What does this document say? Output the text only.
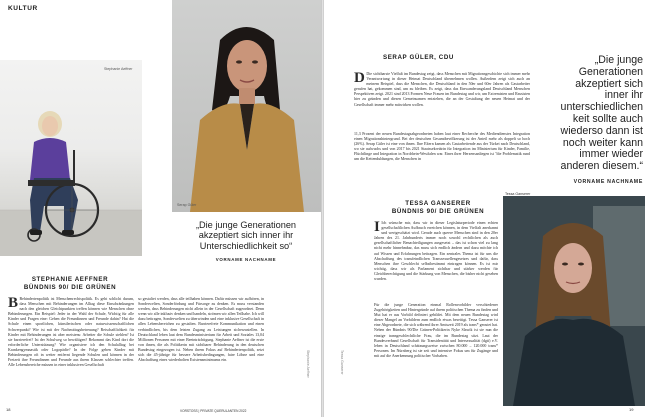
KULTUR
Stephanie Aeffner
Serap Güler
„Die junge Generationen akzeptiert sich inner ihr Unterschiedlichkeit so“
VORNAME NACHNAME
STEPHANIE AEFFNER
BÜNDNIS 90/ DIE GRÜNEN

B Behindertenpolitik ist Menschenrechtspolitik. Es geht schlicht darum, dass Menschen mit Behinderungen im Alltag diese Einschränkungen nach den gleichen Gleichtpunkten treffen können wie Menschen ohne Behinderungen. Ein Beispiel: Jeder in der Wahl der Schule, Wichtig für alle Kinder und Fragen eine: Gehen die Freundinnen und Freunde dahin? Hat die Schule einen sportlichen, künstlerischen oder naturwissenschaftlichen Schwerpunkt? Wie ist mit der Nachmittagsbetreuung? Reischaftlichkeit für Kinder mit Behinderungen ist aber meistens: Arbeiter die Schule stehlen? Ist sie barrierefrei? Ist der Schulweg so bewältigen? Bekommt das Kind dort die erforderliche Unterstützung? Wie organisiere ich den Schulalltag bei Krankengymnastik oder Logopädie? In der Folge geben Kinder mit Behinderungen oft in weiter entfernt liegende Schulen und können in der Freizeit ihre Freundinnen und Freunde aus ihrem Klassen schlechter treffen. Alle Lebensbereiche müssen in einer inklusiven Gesellschaft

so gestaltet werden, dass alle teilhaben können. Dafür müssen wir aufhören, in Sonderwelten, Sonderfördung und Fürsorge zu denken. Es muss verstanden werden, dass Behinderungen nicht allein in der Gesellschaft zugeordnet. Denn wenn wir alle inklusiv denken und handeln, strömen wir allen Teilhabe. Ich will dazu beitragen, Sonderwelten zu überwinden und eine inklusive Gesellschaft in allen Lebensbereichen zu gestalten. Barrierefreie Kommunikation und einen verbindlichen, bis dem letzten Zugang zu Leistungen sicherzustellen. In Deutschland leben laut dem Bundesministerium für Arbeit und Soziales 13,04 Millionen Personen mit einer Beeinträchtigung. Stephanie Aeffner ist die erste von ihnen, die als Politikerin mit sichtbarer Behinderung in den deutschen Bundestag eingezogen ist. Neben ihrem Fokus auf Behindertenpolitik, setzt sich die 45-jährige für bessere Arbeitsbedingungen, faire Löhne und eine Abschaffung eines wiederholten Existenzminimums ein.	Stephanie Aeffner
18	VORSTOSS | PRIVATE QUERULANTEN 2022
SERAP GÜLER, CDU

D Die sichtbarste Vielfalt im Bundestag zeigt, dass Menschen mit Migrationsgeschichte sich immer mehr Verantwortung in dieser Heimat Deutschland übernehmen wollen. Außerdem zeigt sich auch an meinem Beispiel, dass die Menschen, die Deutschland in den 50er und 60er Jahren als Gastarbeiter gerufen hat, gekommen sind, um zu bleiben. Es zeigt, dass das Einwanderungsland Deutschland Menschen Perspektiven zeigt. 2021 sind 2013 Formen Neue Frauen im Bundestag und wir, um Extremisten und Rassisten hier zu gründen und diesen Gemeinsamen entziehen, die an der Gestaltung der neuen Heimat und der Gesellschaft immer mehr mitwirken wollen.

11,3 Prozent der neuen Bundestagsabgeordneten haben laut einer Recherche des Mediendienstes Integration einen Migrationshintergrund. Bei der deutschen Gesamtbevölkerung ist der Anteil mehr als doppelt so hoch (26%). Serap Güler ist eine von ihnen. Ihre Eltern kamen als Gastarbeitende aus der Türkei nach Deutschland, wo sie aufwuchs und von 2017 bis 2021 Staatssekretärin für Integration im Ministerium für Kinder, Familie, Flüchtlinge und Integration in Nordrhein-Westfalen war. Eines ihrer Herzensanliegen ist "die Problematik rund um die Kettenduldungen, die Menschen in

„Die junge Generationen akzeptiert sich inner ihr unterschiedlichen keit sollte auch wiederso dann ist noch weiter kann immer wieder anderen diesem.“
VORNAME NACHNAME
TESSA GANSERER
BÜNDNIS 90/ DIE GRÜNEN

I Ich wünsche mir, dass wir in dieser Legislaturperiode einen echten gesellschaftlichen Aufbruch erreichen können, in dem Vielfalt anerkannt und wertgeschätzt wird. Gerade auch queere Menschen sind in den 20er Jahren des 21. Jahrhunderts immer noch sowohl rechtlichen als auch gesellschaftlicher Benachteiligungen ausgesetzt – das ist schon viel zu lang nicht mehr hinnehmbar, das muss sich endlich ändern und dazu möchte ich auf Wissen und Erfahrungen beitragen. Ein zentrales Thema ist für uns die Abschaffung des transfeindlichen Transsexuellengesetzes und dafür, dass Menschen ihre Geschlecht selbstbestimmt eintragen können. Es ist mir wichtig, dass wir als Parlament sichtbar und stärker werden für Gleichberechtigung und die Stärkung von Menschen, die bisher nicht gesehen wurden.

Für die junge Generation einmal Rollenvorbilder verschiedener Zugehörigkeiten und Hintergründe auf ihrem politischen Thema zu finden und Mut hat er aus Vorbild definiert gebildet. Mit dem neuen Bundestag wird dieser Mangel an Vorbildern zum endlich etwas beseitigt. Tessa Ganserer ist eine Abgeordnete, die sich während ihrer Amtszeit 2019 als trans* geoutet hat. Neben der Bündnis 90/Die Grünen-Politikerin Nyke Slawik ist sie nun die einzige transgeschlechtliche Frau, die im Bundestag sitzt. Laut der Bundesverband Gesellschaft für Transidentität und Intersexualität (dgti) e.V. leben in Deutschland schätzungsweise zwischen 80.000 – 120.000 trans* Personen. Im Nürnberg ist sie seit und intensive Fokus um für Zugänge und mit auf die Anerkennung politischer Vorhaben.

Tessa Ganserer
Tessa Ganserer
19
